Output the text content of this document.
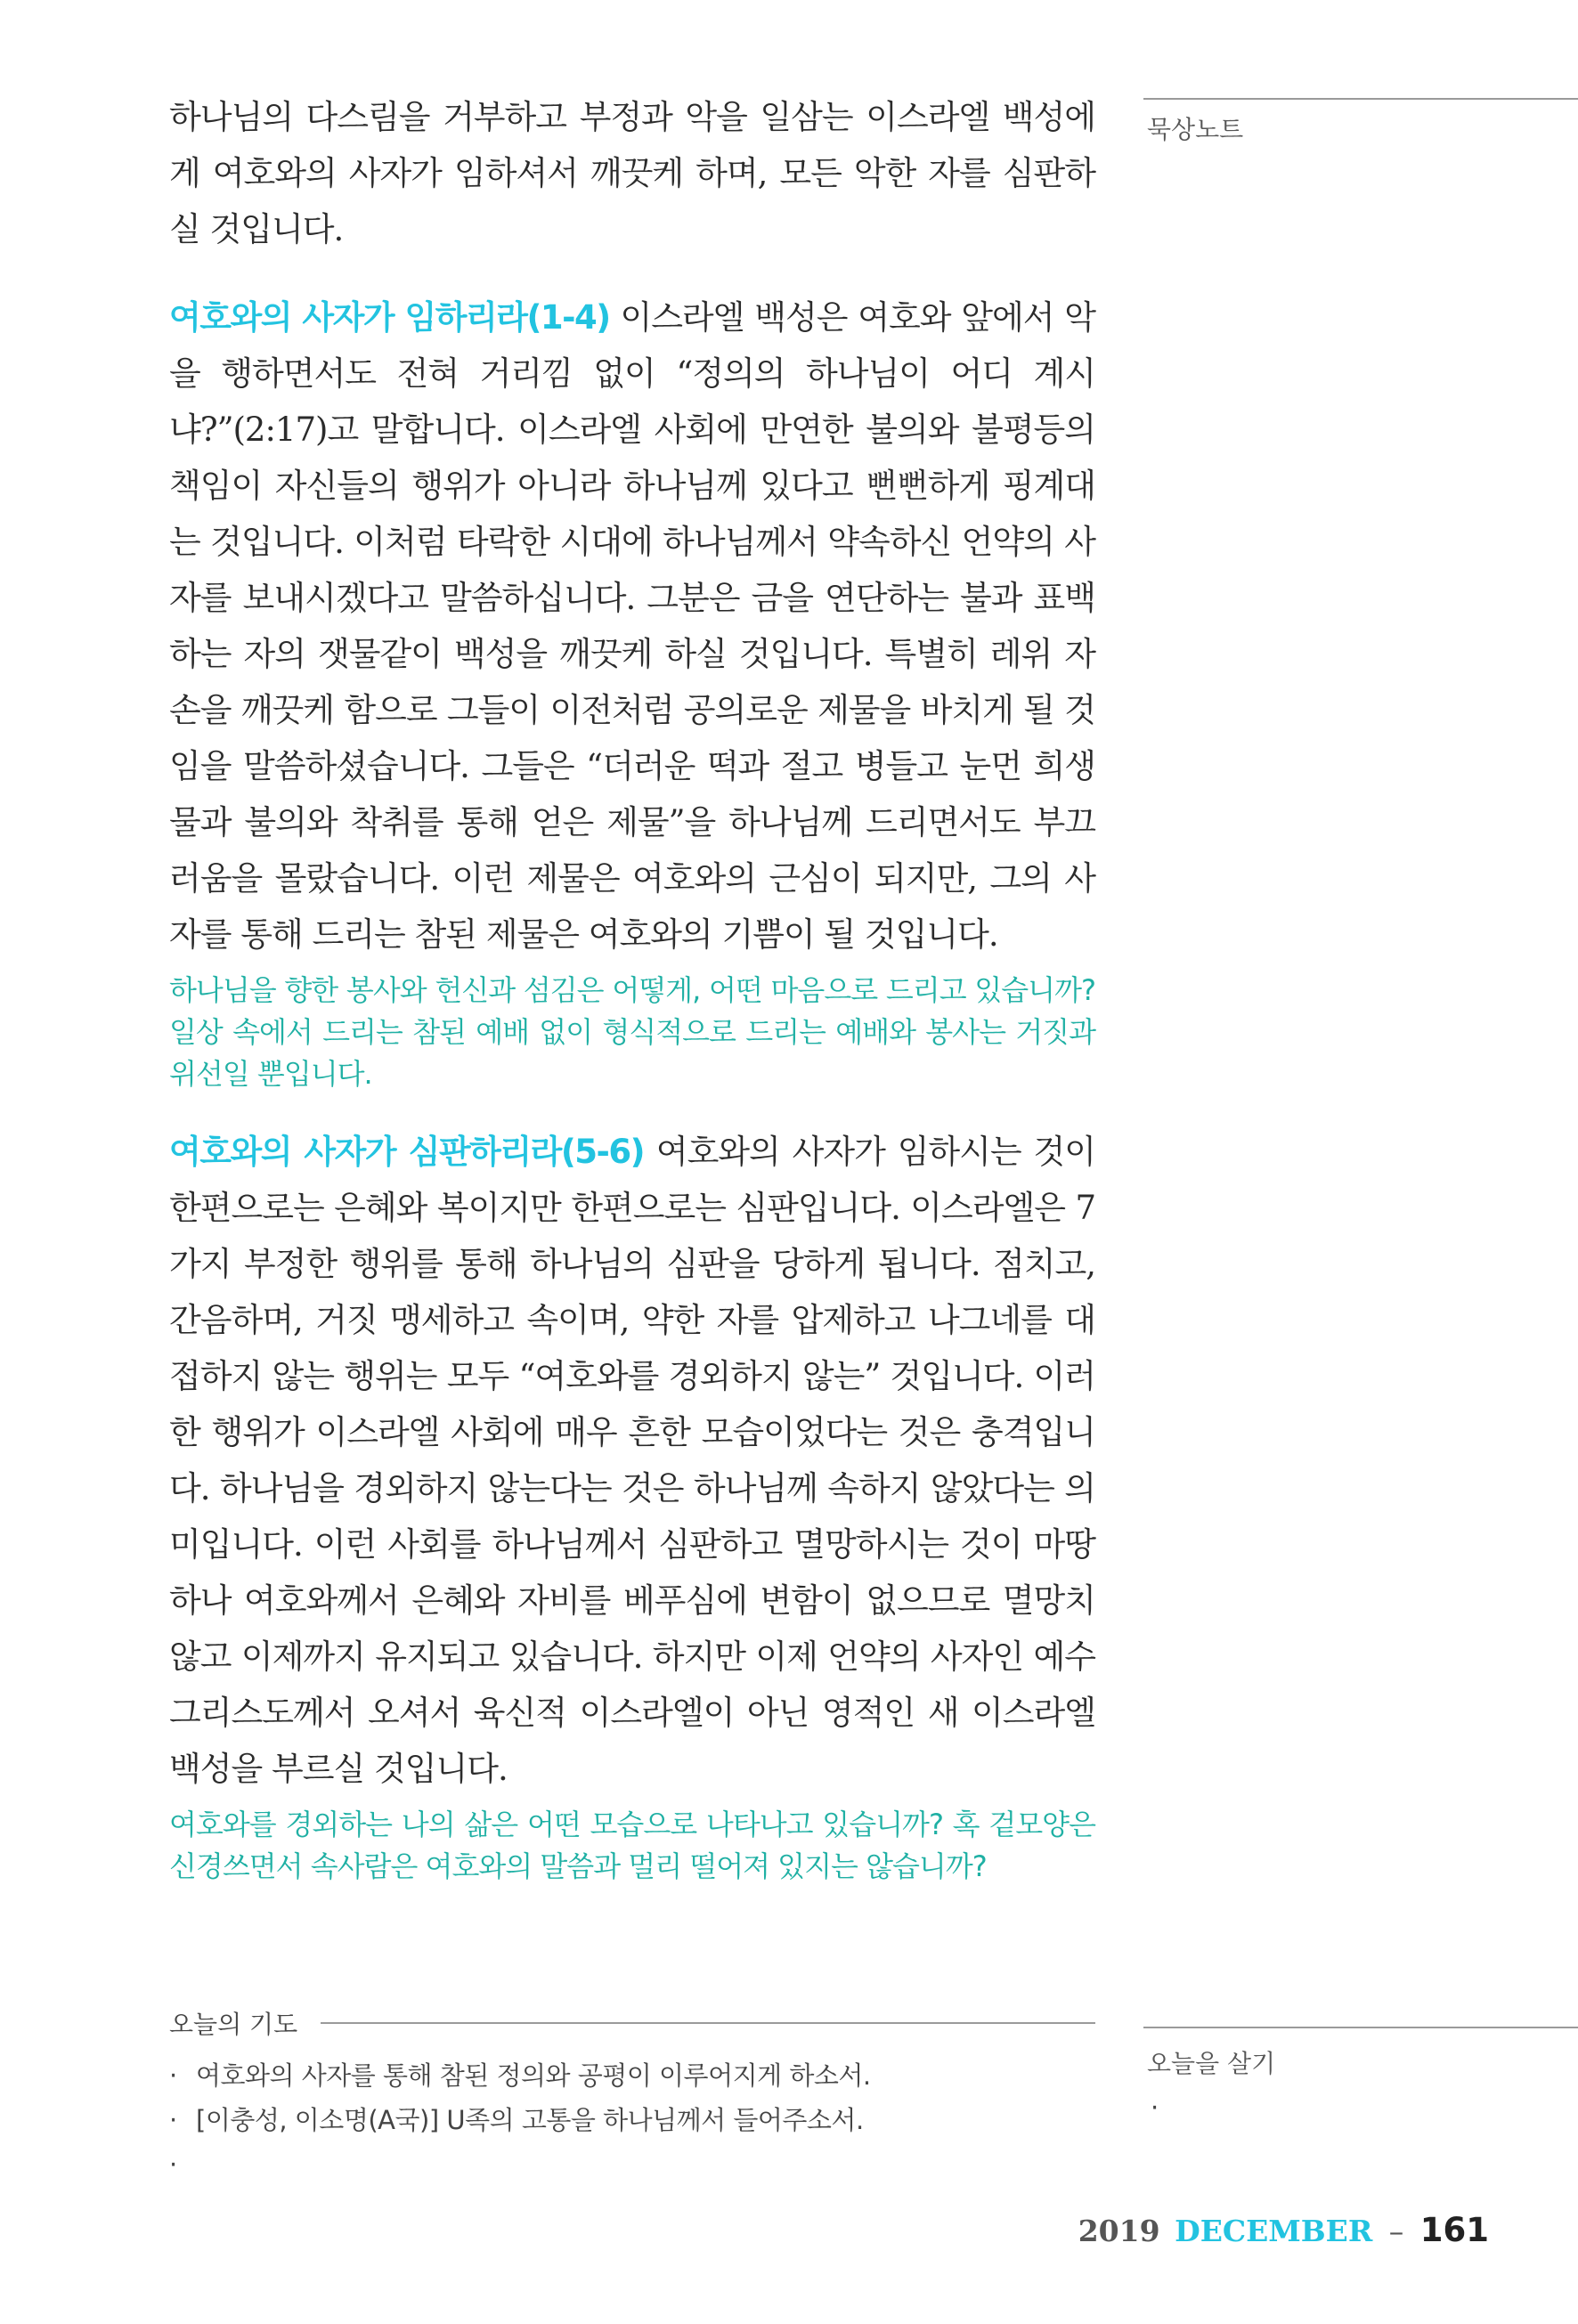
하나님의 다스림을 거부하고 부정과 악을 일삼는 이스라엘 백성에게 여호와의 사자가 임하셔서 깨끗케 하며, 모든 악한 자를 심판하실 것입니다.

여호와의 사자가 임하리라(1-4) 이스라엘 백성은 여호와 앞에서 악을 행하면서도 전혀 거리낌 없이 “정의의 하나님이 어디 계시냐?”(2:17)고 말합니다. 이스라엘 사회에 만연한 불의와 불평등의 책임이 자신들의 행위가 아니라 하나님께 있다고 뻔뻔하게 핑계대는 것입니다. 이처럼 타락한 시대에 하나님께서 약속하신 언약의 사자를 보내시겠다고 말씀하십니다. 그분은 금을 연단하는 불과 표백하는 자의 잿물같이 백성을 깨끗케 하실 것입니다. 특별히 레위 자손을 깨끗케 함으로 그들이 이전처럼 공의로운 제물을 바치게 될 것임을 말씀하셨습니다. 그들은 “더러운 떡과 절고 병들고 눈먼 희생물과 불의와 착취를 통해 얻은 제물”을 하나님께 드리면서도 부끄러움을 몰랐습니다. 이런 제물은 여호와의 근심이 되지만, 그의 사자를 통해 드리는 참된 제물은 여호와의 기쁨이 될 것입니다.

하나님을 향한 봉사와 헌신과 섬김은 어떻게, 어떤 마음으로 드리고 있습니까? 일상 속에서 드리는 참된 예배 없이 형식적으로 드리는 예배와 봉사는 거짓과 위선일 뿐입니다.

여호와의 사자가 심판하리라(5-6) 여호와의 사자가 임하시는 것이 한편으로는 은혜와 복이지만 한편으로는 심판입니다. 이스라엘은 7가지 부정한 행위를 통해 하나님의 심판을 당하게 됩니다. 점치고, 간음하며, 거짓 맹세하고 속이며, 약한 자를 압제하고 나그네를 대접하지 않는 행위는 모두 “여호와를 경외하지 않는” 것입니다. 이러한 행위가 이스라엘 사회에 매우 흔한 모습이었다는 것은 충격입니다. 하나님을 경외하지 않는다는 것은 하나님께 속하지 않았다는 의미입니다. 이런 사회를 하나님께서 심판하고 멸망하시는 것이 마땅하나 여호와께서 은혜와 자비를 베푸심에 변함이 없으므로 멸망치 않고 이제까지 유지되고 있습니다. 하지만 이제 언약의 사자인 예수 그리스도께서 오셔서 육신적 이스라엘이 아닌 영적인 새 이스라엘 백성을 부르실 것입니다.

여호와를 경외하는 나의 삶은 어떤 모습으로 나타나고 있습니까? 혹 겉모양은 신경쓰면서 속사람은 여호와의 말씀과 멀리 떨어져 있지는 않습니까?

묵상노트
오늘의 기도
· 여호와의 사자를 통해 참된 정의와 공평이 이루어지게 하소서.
· [이충성, 이소명(A국)] U족의 고통을 하나님께서 들어주소서.
·
오늘을 살기
·
2019 DECEMBER – 161
